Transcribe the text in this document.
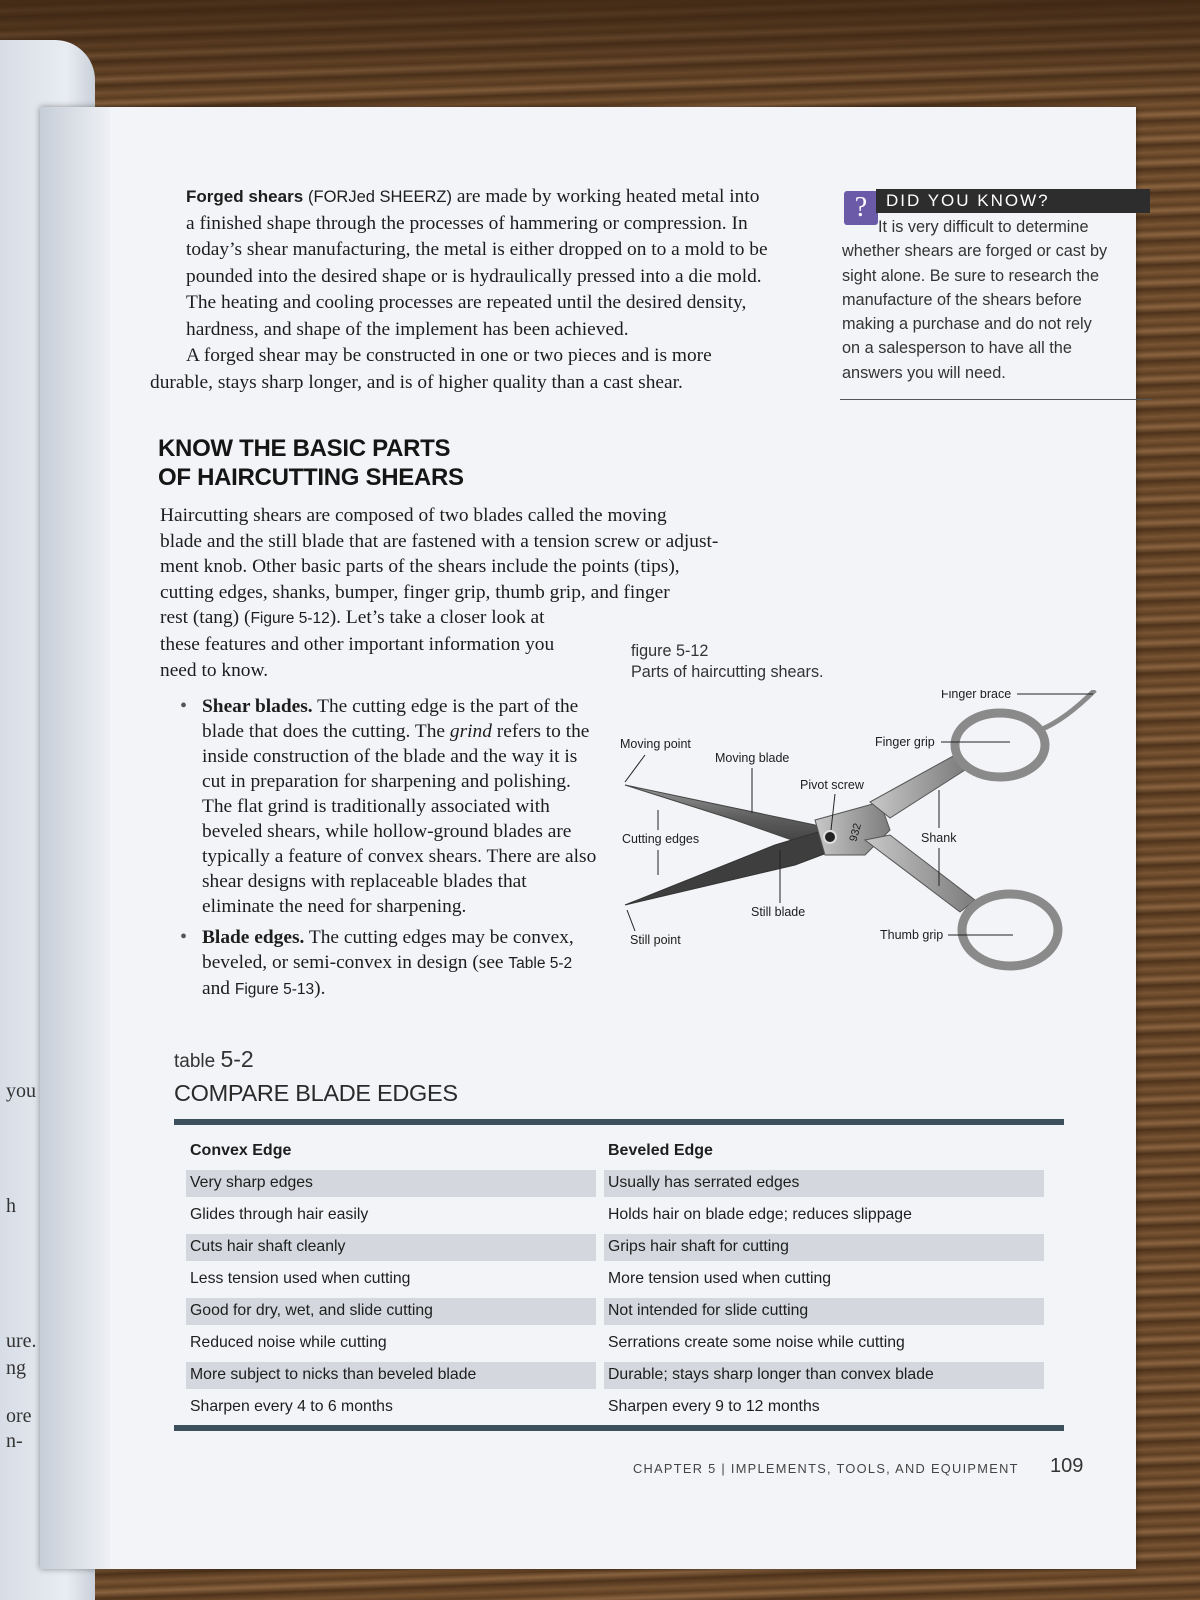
you
h
ure.
ng
ore
n-

Forged shears (FORJed SHEERZ) are made by working heated metal into
a finished shape through the processes of hammering or compression. In
today’s shear manufacturing, the metal is either dropped on to a mold to be
pounded into the desired shape or is hydraulically pressed into a die mold.
The heating and cooling processes are repeated until the desired density,
hardness, and shape of the implement has been achieved.

A forged shear may be constructed in one or two pieces and is more
durable, stays sharp longer, and is of higher quality than a cast shear.

?	DID YOU KNOW?
It is very difficult to determine
whether shears are forged or cast by
sight alone. Be sure to research the
manufacture of the shears before
making a purchase and do not rely
on a salesperson to have all the
answers you will need.
KNOW THE BASIC PARTS
OF HAIRCUTTING SHEARS
Haircutting shears are composed of two blades called the moving
blade and the still blade that are fastened with a tension screw or adjust-
ment knob. Other basic parts of the shears include the points (tips),
cutting edges, shanks, bumper, finger grip, thumb grip, and finger
rest (tang) (Figure 5-12). Let’s take a closer look at
these features and other important information you
need to know.
• Shear blades. The cutting edge is the part of the blade that does the cutting. The grind refers to the inside construction of the blade and the way it is cut in preparation for sharpening and polishing. The flat grind is traditionally associated with beveled shears, while hollow-ground blades are typically a feature of convex shears. There are also shear designs with replaceable blades that eliminate the need for sharpening.
• Blade edges. The cutting edges may be convex, beveled, or semi-convex in design (see Table 5-2 and Figure 5-13).
figure 5-12
Parts of haircutting shears.
932
Finger brace
Finger grip
Moving point
Moving blade
Pivot screw
Cutting edges	Shank
Still blade
Still point	Thumb grip
table 5-2
COMPARE BLADE EDGES
Convex Edge	Beveled Edge
Very sharp edges	Usually has serrated edges
Glides through hair easily	Holds hair on blade edge; reduces slippage
Cuts hair shaft cleanly	Grips hair shaft for cutting
Less tension used when cutting	More tension used when cutting
Good for dry, wet, and slide cutting	Not intended for slide cutting
Reduced noise while cutting	Serrations create some noise while cutting
More subject to nicks than beveled blade	Durable; stays sharp longer than convex blade
Sharpen every 4 to 6 months	Sharpen every 9 to 12 months
CHAPTER 5 | IMPLEMENTS, TOOLS, AND EQUIPMENT 109
